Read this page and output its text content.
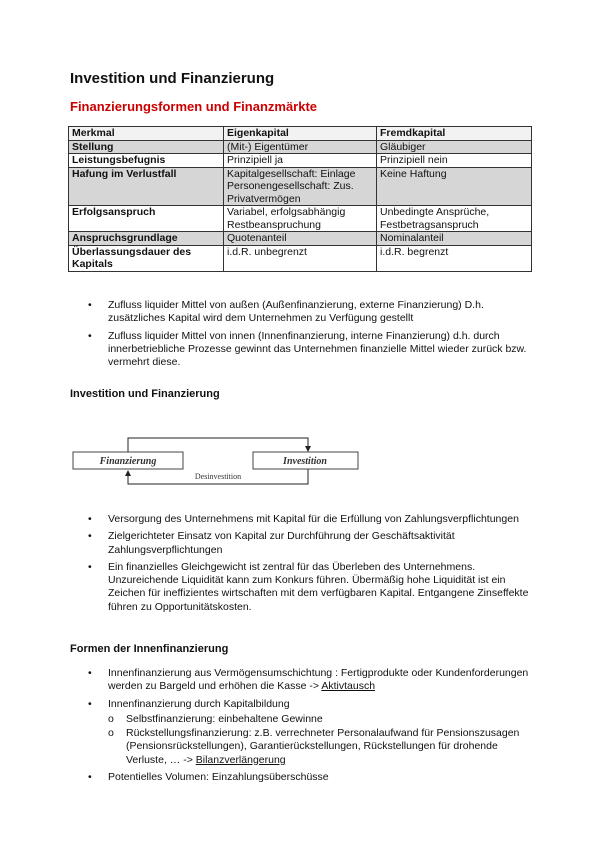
Investition und Finanzierung
Finanzierungsformen und Finanzmärkte
Merkmal	Eigenkapital	Fremdkapital
Stellung	(Mit-) Eigentümer	Gläubiger
Leistungsbefugnis	Prinzipiell ja	Prinzipiell nein
Hafung im Verlustfall	Kapitalgesellschaft: Einlage Personengesellschaft: Zus. Privatvermögen	Keine Haftung
Erfolgsanspruch	Variabel, erfolgsabhängig Restbeanspruchung	Unbedingte Ansprüche, Festbetragsanspruch
Anspruchsgrundlage	Quotenanteil	Nominalanteil
Überlassungsdauer des Kapitals	i.d.R. unbegrenzt	i.d.R. begrenzt
• Zufluss liquider Mittel von außen (Außenfinanzierung, externe Finanzierung) D.h. zusätzliches Kapital wird dem Unternehmen zu Verfügung gestellt
• Zufluss liquider Mittel von innen (Innenfinanzierung, interne Finanzierung) d.h. durch innerbetriebliche Prozesse gewinnt das Unternehmen finanzielle Mittel wieder zurück bzw. vermehrt diese.
Investition und Finanzierung
Finanzierung	Investition
Desinvestition
• Versorgung des Unternehmens mit Kapital für die Erfüllung von Zahlungsverpflichtungen
• Zielgerichteter Einsatz von Kapital zur Durchführung der Geschäftsaktivität Zahlungsverpflichtungen
• Ein finanzielles Gleichgewicht ist zentral für das Überleben des Unternehmens. Unzureichende Liquidität kann zum Konkurs führen. Übermäßig hohe Liquidität ist ein Zeichen für ineffizientes wirtschaften mit dem verfügbaren Kapital. Entgangene Zinseffekte führen zu Opportunitätskosten.
Formen der Innenfinanzierung
• Innenfinanzierung aus Vermögensumschichtung : Fertigprodukte oder Kundenforderungen werden zu Bargeld und erhöhen die Kasse -> Aktivtausch
• Innenfinanzierung durch Kapitalbildung
o Selbstfinanzierung: einbehaltene Gewinne
o Rückstellungsfinanzierung: z.B. verrechneter Personalaufwand für Pensionszusagen (Pensionsrückstellungen), Garantierückstellungen, Rückstellungen für drohende Verluste, … -> Bilanzverlängerung
• Potentielles Volumen: Einzahlungsüberschüsse
